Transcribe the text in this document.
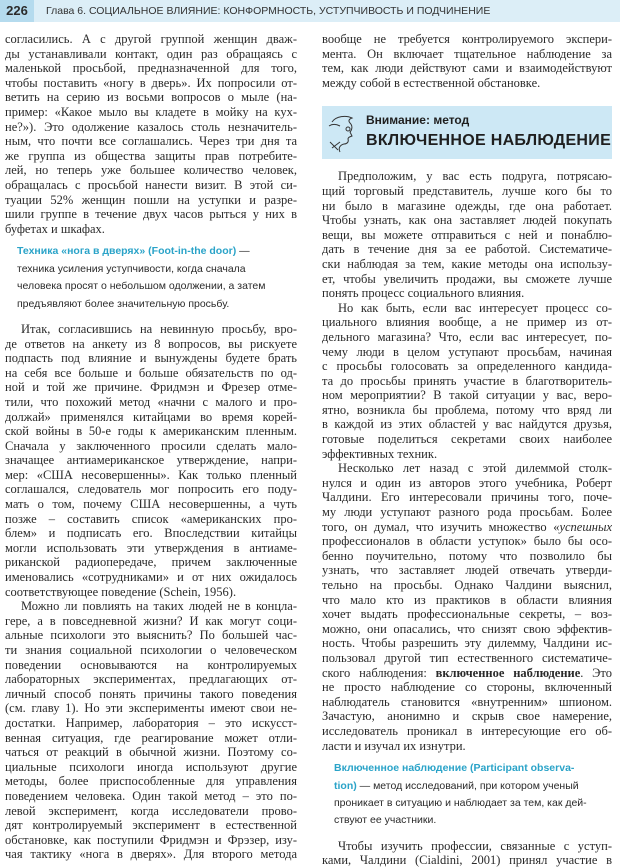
226	Глава 6. СОЦИАЛЬНОЕ ВЛИЯНИЕ: КОНФОРМНОСТЬ, УСТУПЧИВОСТЬ И ПОДЧИНЕНИЕ
согласились. А с другой группой женщин дваж-
ды устанавливали контакт, один раз обращаясь с
маленькой просьбой, предназначенной для того,
чтобы поставить «ногу в дверь». Их попросили от-
ветить на серию из восьми вопросов о мыле (на-
пример: «Какое мыло вы кладете в мойку на кух-
не?»). Это одолжение казалось столь незначитель-
ным, что почти все соглашались. Через три дня та
же группа из общества защиты прав потребите-
лей, но теперь уже большее количество человек,
обращалась с просьбой нанести визит. В этой си-
туации 52% женщин пошли на уступки и разре-
шили группе в течение двух часов рыться у них в
буфетах и шкафах.
Техника «нога в дверях» (Foot-in-the door) —
техника усиления уступчивости, когда сначала
человека просят о небольшом одолжении, а затем
предъявляют более значительную просьбу.
Итак, согласившись на невинную просьбу, вро-
де ответов на анкету из 8 вопросов, вы рискуете
подпасть под влияние и вынуждены будете брать
на себя все больше и больше обязательств по од-
ной и той же причине. Фридмэн и Фрезер отме-
тили, что похожий метод «начни с малого и про-
должай» применялся китайцами во время корей-
ской войны в 50-е годы к американским пленным.
Сначала у заключенного просили сделать мало-
значащее антиамериканское утверждение, напри-
мер: «США несовершенны». Как только пленный
соглашался, следователь мог попросить его поду-
мать о том, почему США несовершенны, а чуть
позже – составить список «американских про-
блем» и подписать его. Впоследствии китайцы
могли использовать эти утверждения в антиаме-
риканской радиопередаче, причем заключенные
именовались «сотрудниками» и от них ожидалось
соответствующее поведение (Schein, 1956).
Можно ли повлиять на таких людей не в концла-
гере, а в повседневной жизни? И как могут соци-
альные психологи это выяснить? По большей час-
ти знания социальной психологии о человеческом
поведении основываются на контролируемых
лабораторных экспериментах, предлагающих от-
личный способ понять причины такого поведения
(см. главу 1). Но эти эксперименты имеют свои не-
достатки. Например, лаборатория – это искусст-
венная ситуация, где реагирование может отли-
чаться от реакций в обычной жизни. Поэтому со-
циальные психологи иногда используют другие
методы, более приспособленные для управления
поведением человека. Один такой метод – это по-
левой эксперимент, когда исследователи прово-
дят контролируемый эксперимент в естественной
обстановке, как поступили Фридмэн и Фрэзер, изу-
чая тактику «нога в дверях». Для второго метода
вообще не требуется контролируемого экспери-
мента. Он включает тщательное наблюдение за
тем, как люди действуют сами и взаимодействуют
между собой в естественной обстановке.
Внимание: метод
ВКЛЮЧЕННОЕ НАБЛЮДЕНИЕ
Предположим, у вас есть подруга, потрясаю-
щий торговый представитель, лучше кого бы то
ни было в магазине одежды, где она работает.
Чтобы узнать, как она заставляет людей покупать
вещи, вы можете отправиться с ней и понаблю-
дать в течение дня за ее работой. Систематиче-
ски наблюдая за тем, какие методы она использу-
ет, чтобы увеличить продажи, вы сможете лучше
понять процесс социального влияния.
Но как быть, если вас интересует процесс со-
циального влияния вообще, а не пример из от-
дельного магазина? Что, если вас интересует, по-
чему люди в целом уступают просьбам, начиная
с просьбы голосовать за определенного кандида-
та до просьбы принять участие в благотворитель-
ном мероприятии? В такой ситуации у вас, веро-
ятно, возникла бы проблема, потому что вряд ли
в каждой из этих областей у вас найдутся друзья,
готовые поделиться секретами своих наиболее
эффективных техник.
Несколько лет назад с этой дилеммой столк-
нулся и один из авторов этого учебника, Роберт
Чалдини. Его интересовали причины того, поче-
му люди уступают разного рода просьбам. Более
того, он думал, что изучить множество «успешных
профессионалов в области уступок» было бы осо-
бенно поучительно, потому что позволило бы
узнать, что заставляет людей отвечать утверди-
тельно на просьбы. Однако Чалдини выяснил,
что мало кто из практиков в области влияния
хочет выдать профессиональные секреты, – воз-
можно, они опасались, что снизят свою эффектив-
ность. Чтобы разрешить эту дилемму, Чалдини ис-
пользовал другой тип естественного систематиче-
ского наблюдения: включенное наблюдение. Это
не просто наблюдение со стороны, включенный
наблюдатель становится «внутренним» шпионом.
Зачастую, анонимно и скрыв свое намерение,
исследователь проникал в интересующие его об-
ласти и изучал их изнутри.
Включенное наблюдение (Participant observa-
tion) — метод исследований, при котором ученый
проникает в ситуацию и наблюдает за тем, как дей-
ствуют ее участники.
Чтобы изучить профессии, связанные с уступ-
ками, Чалдини (Cialdini, 2001) принял участие в
